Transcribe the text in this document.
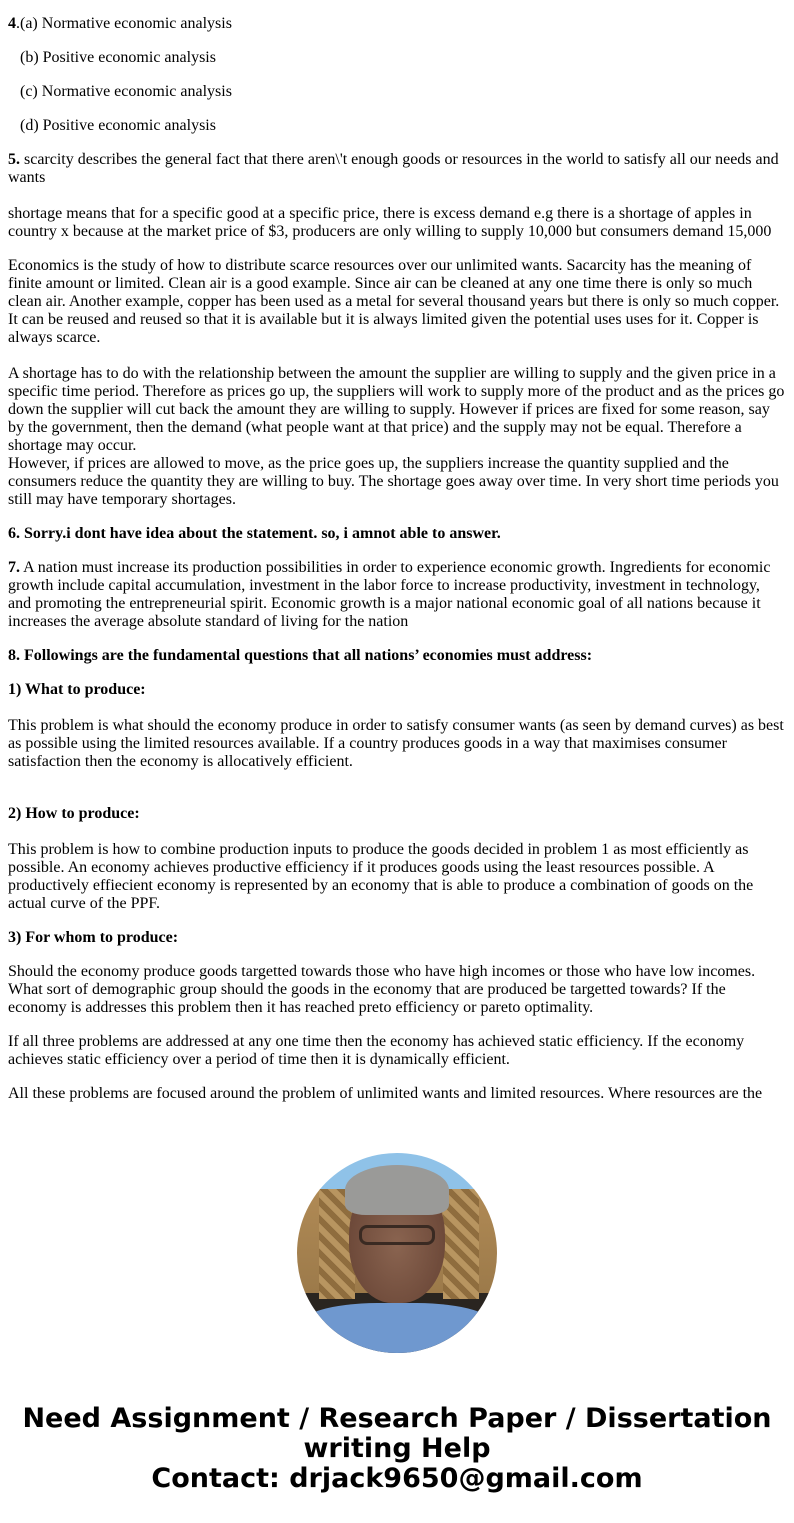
4.(a) Normative economic analysis

(b) Positive economic analysis

(c) Normative economic analysis

(d) Positive economic analysis

5. scarcity describes the general fact that there aren\'t enough goods or resources in the world to satisfy all our needs and wants
shortage means that for a specific good at a specific price, there is excess demand e.g there is a shortage of apples in country x because at the market price of $3, producers are only willing to supply 10,000 but consumers demand 15,000

Economics is the study of how to distribute scarce resources over our unlimited wants. Sacarcity has the meaning of finite amount or limited. Clean air is a good example. Since air can be cleaned at any one time there is only so much clean air. Another example, copper has been used as a metal for several thousand years but there is only so much copper. It can be reused and reused so that it is available but it is always limited given the potential uses uses for it. Copper is always scarce.
A shortage has to do with the relationship between the amount the supplier are willing to supply and the given price in a specific time period. Therefore as prices go up, the suppliers will work to supply more of the product and as the prices go down the supplier will cut back the amount they are willing to supply. However if prices are fixed for some reason, say by the government, then the demand (what people want at that price) and the supply may not be equal. Therefore a shortage may occur.
However, if prices are allowed to move, as the price goes up, the suppliers increase the quantity supplied and the consumers reduce the quantity they are willing to buy. The shortage goes away over time. In very short time periods you still may have temporary shortages.

6. Sorry.i dont have idea about the statement. so, i amnot able to answer.

7. A nation must increase its production possibilities in order to experience economic growth. Ingredients for economic growth include capital accumulation, investment in the labor force to increase productivity, investment in technology, and promoting the entrepreneurial spirit. Economic growth is a major national economic goal of all nations because it increases the average absolute standard of living for the nation

8. Followings are the fundamental questions that all nations’ economies must address:

1) What to produce:
This problem is what should the economy produce in order to satisfy consumer wants (as seen by demand curves) as best as possible using the limited resources available. If a country produces goods in a way that maximises consumer satisfaction then the economy is allocatively efficient.

2) How to produce:
This problem is how to combine production inputs to produce the goods decided in problem 1 as most efficiently as possible. An economy achieves productive efficiency if it produces goods using the least resources possible. A productively effiecient economy is represented by an economy that is able to produce a combination of goods on the actual curve of the PPF.

3) For whom to produce:

Should the economy produce goods targetted towards those who have high incomes or those who have low incomes. What sort of demographic group should the goods in the economy that are produced be targetted towards? If the economy is addresses this problem then it has reached preto efficiency or pareto optimality.

If all three problems are addressed at any one time then the economy has achieved static efficiency. If the economy achieves static efficiency over a period of time then it is dynamically efficient.

All these problems are focused around the problem of unlimited wants and limited resources. Where resources are the

Need Assignment / Research Paper / Dissertation
writing Help
Contact: drjack9650@gmail.com
